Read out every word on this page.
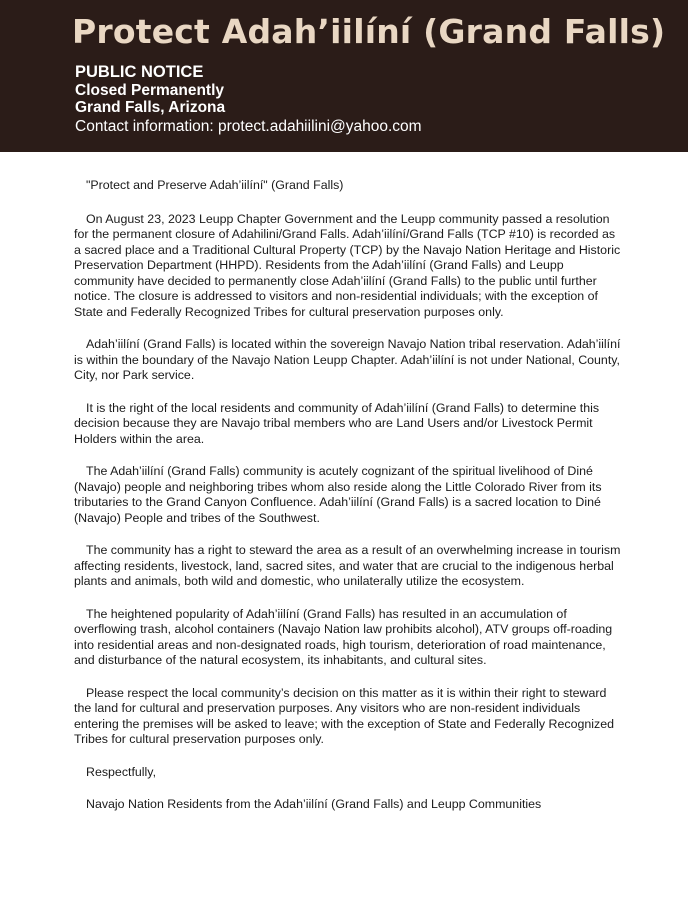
Protect Adah’iilíní (Grand Falls)
PUBLIC NOTICE
Closed Permanently
Grand Falls, Arizona
Contact information: protect.adahiilini@yahoo.com

"Protect and Preserve Adah’iilíní" (Grand Falls)

On August 23, 2023 Leupp Chapter Government and the Leupp community passed a resolution for the permanent closure of Adahilini/Grand Falls. Adah’iilíní/Grand Falls (TCP #10) is recorded as a sacred place and a Traditional Cultural Property (TCP) by the Navajo Nation Heritage and Historic Preservation Department (HHPD). Residents from the Adah’iilíní (Grand Falls) and Leupp community have decided to permanently close Adah’iilíní (Grand Falls) to the public until further notice. The closure is addressed to visitors and non-residential individuals; with the exception of State and Federally Recognized Tribes for cultural preservation purposes only.

Adah’iilíní (Grand Falls) is located within the sovereign Navajo Nation tribal reservation. Adah’iilíní is within the boundary of the Navajo Nation Leupp Chapter. Adah’iilíní is not under National, County, City, nor Park service.

It is the right of the local residents and community of Adah’iilíní (Grand Falls) to determine this decision because they are Navajo tribal members who are Land Users and/or Livestock Permit Holders within the area.

The Adah’iilíní (Grand Falls) community is acutely cognizant of the spiritual livelihood of Diné (Navajo) people and neighboring tribes whom also reside along the Little Colorado River from its tributaries to the Grand Canyon Confluence. Adah’iilíní (Grand Falls) is a sacred location to Diné (Navajo) People and tribes of the Southwest.

The community has a right to steward the area as a result of an overwhelming increase in tourism affecting residents, livestock, land, sacred sites, and water that are crucial to the indigenous herbal plants and animals, both wild and domestic, who unilaterally utilize the ecosystem.

The heightened popularity of Adah’iilíní (Grand Falls) has resulted in an accumulation of overflowing trash, alcohol containers (Navajo Nation law prohibits alcohol), ATV groups off-roading into residential areas and non-designated roads, high tourism, deterioration of road maintenance, and disturbance of the natural ecosystem, its inhabitants, and cultural sites.

Please respect the local community’s decision on this matter as it is within their right to steward the land for cultural and preservation purposes. Any visitors who are non-resident individuals entering the premises will be asked to leave; with the exception of State and Federally Recognized Tribes for cultural preservation purposes only.

Respectfully,

Navajo Nation Residents from the Adah’iilíní (Grand Falls) and Leupp Communities
